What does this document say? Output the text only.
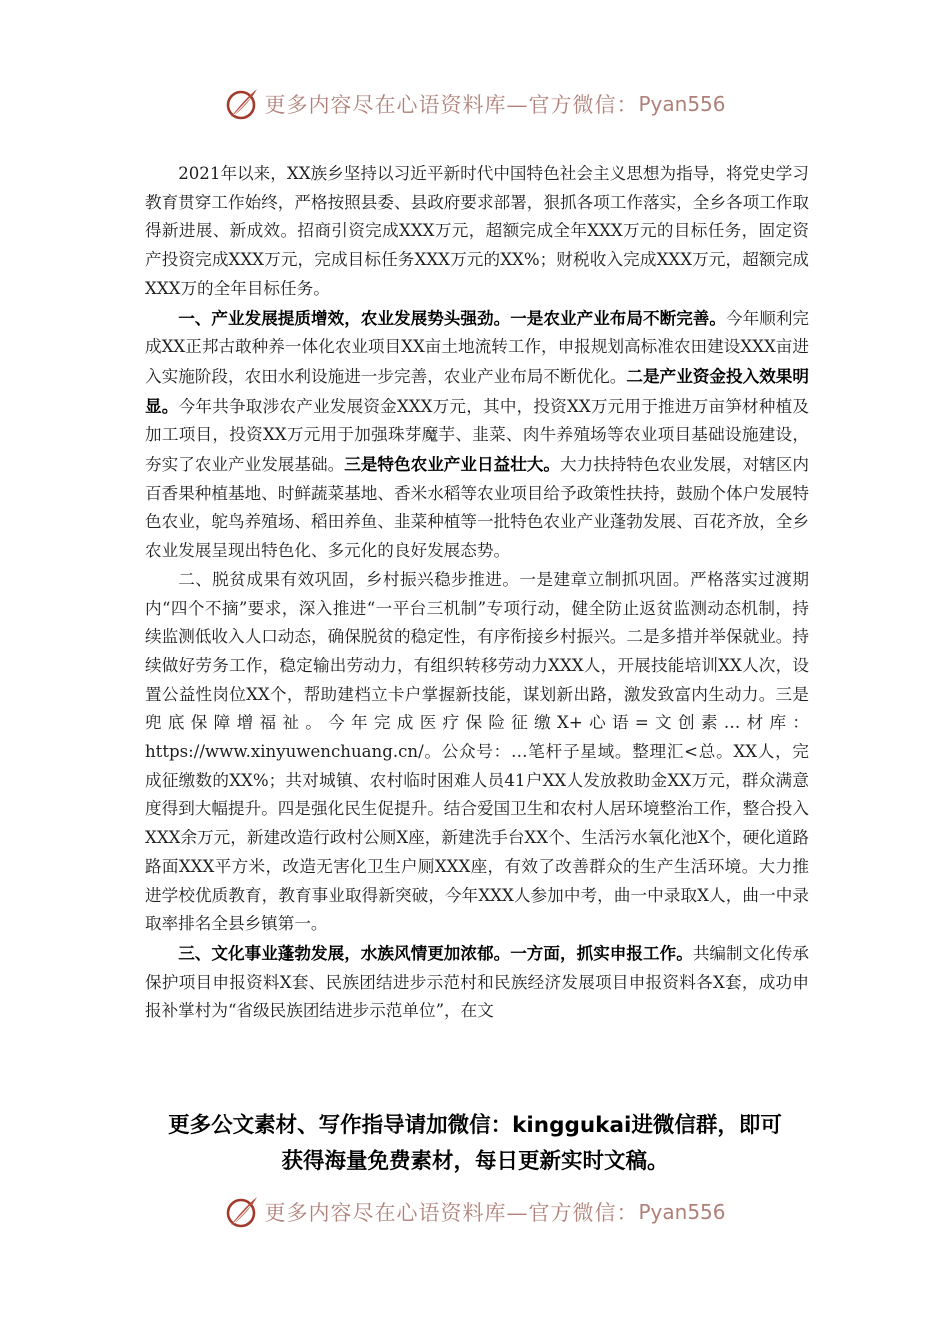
更多内容尽在心语资料库—官方微信： Pyan556

2021年以来，XX族乡坚持以习近平新时代中国特色社会主义思想为指导，将党史学习教育贯穿工作始终，严格按照县委、县政府要求部署，狠抓各项工作落实，全乡各项工作取得新进展、新成效。招商引资完成XXX万元，超额完成全年XXX万元的目标任务，固定资产投资完成XXX万元，完成目标任务XXX万元的XX%；财税收入完成XXX万元，超额完成XXX万的全年目标任务。

一、产业发展提质增效，农业发展势头强劲。一是农业产业布局不断完善。今年顺利完成XX正邦古敢种养一体化农业项目XX亩土地流转工作，申报规划高标准农田建设XXX亩进入实施阶段，农田水利设施进一步完善，农业产业布局不断优化。二是产业资金投入效果明显。今年共争取涉农产业发展资金XXX万元，其中，投资XX万元用于推进万亩笋材种植及加工项目，投资XX万元用于加强珠芽魔芋、韭菜、肉牛养殖场等农业项目基础设施建设，夯实了农业产业发展基础。三是特色农业产业日益壮大。大力扶持特色农业发展，对辖区内百香果种植基地、时鲜蔬菜基地、香米水稻等农业项目给予政策性扶持，鼓励个体户发展特色农业，鸵鸟养殖场、稻田养鱼、韭菜种植等一批特色农业产业蓬勃发展、百花齐放，全乡农业发展呈现出特色化、多元化的良好发展态势。

二、脱贫成果有效巩固，乡村振兴稳步推进。一是建章立制抓巩固。严格落实过渡期内“四个不摘”要求，深入推进“一平台三机制”专项行动，健全防止返贫监测动态机制，持续监测低收入人口动态，确保脱贫的稳定性，有序衔接乡村振兴。二是多措并举保就业。持续做好劳务工作，稳定输出劳动力，有组织转移劳动力XXX人，开展技能培训XX人次，设置公益性岗位XX个，帮助建档立卡户掌握新技能，谋划新出路，激发致富内生动力。三是兜底保障增福祉。今年完成医疗保险征缴X+心语=文创素…材库：https://www.xinyuwenchuang.cn/。公众号：…笔杆子星域。整理汇<总。XX人，完成征缴数的XX%；共对城镇、农村临时困难人员41户XX人发放救助金XX万元，群众满意度得到大幅提升。四是强化民生促提升。结合爱国卫生和农村人居环境整治工作，整合投入XXX余万元，新建改造行政村公厕X座，新建洗手台XX个、生活污水氧化池X个，硬化道路路面XXX平方米，改造无害化卫生户厕XXX座，有效了改善群众的生产生活环境。大力推进学校优质教育，教育事业取得新突破，今年XXX人参加中考，曲一中录取X人，曲一中录取率排名全县乡镇第一。

三、文化事业蓬勃发展，水族风情更加浓郁。一方面，抓实申报工作。共编制文化传承保护项目申报资料X套、民族团结进步示范村和民族经济发展项目申报资料各X套，成功申报补掌村为“省级民族团结进步示范单位”，在文

更多公文素材、写作指导请加微信：kinggukai进微信群，即可
获得海量免费素材，每日更新实时文稿。
更多内容尽在心语资料库—官方微信： Pyan556
